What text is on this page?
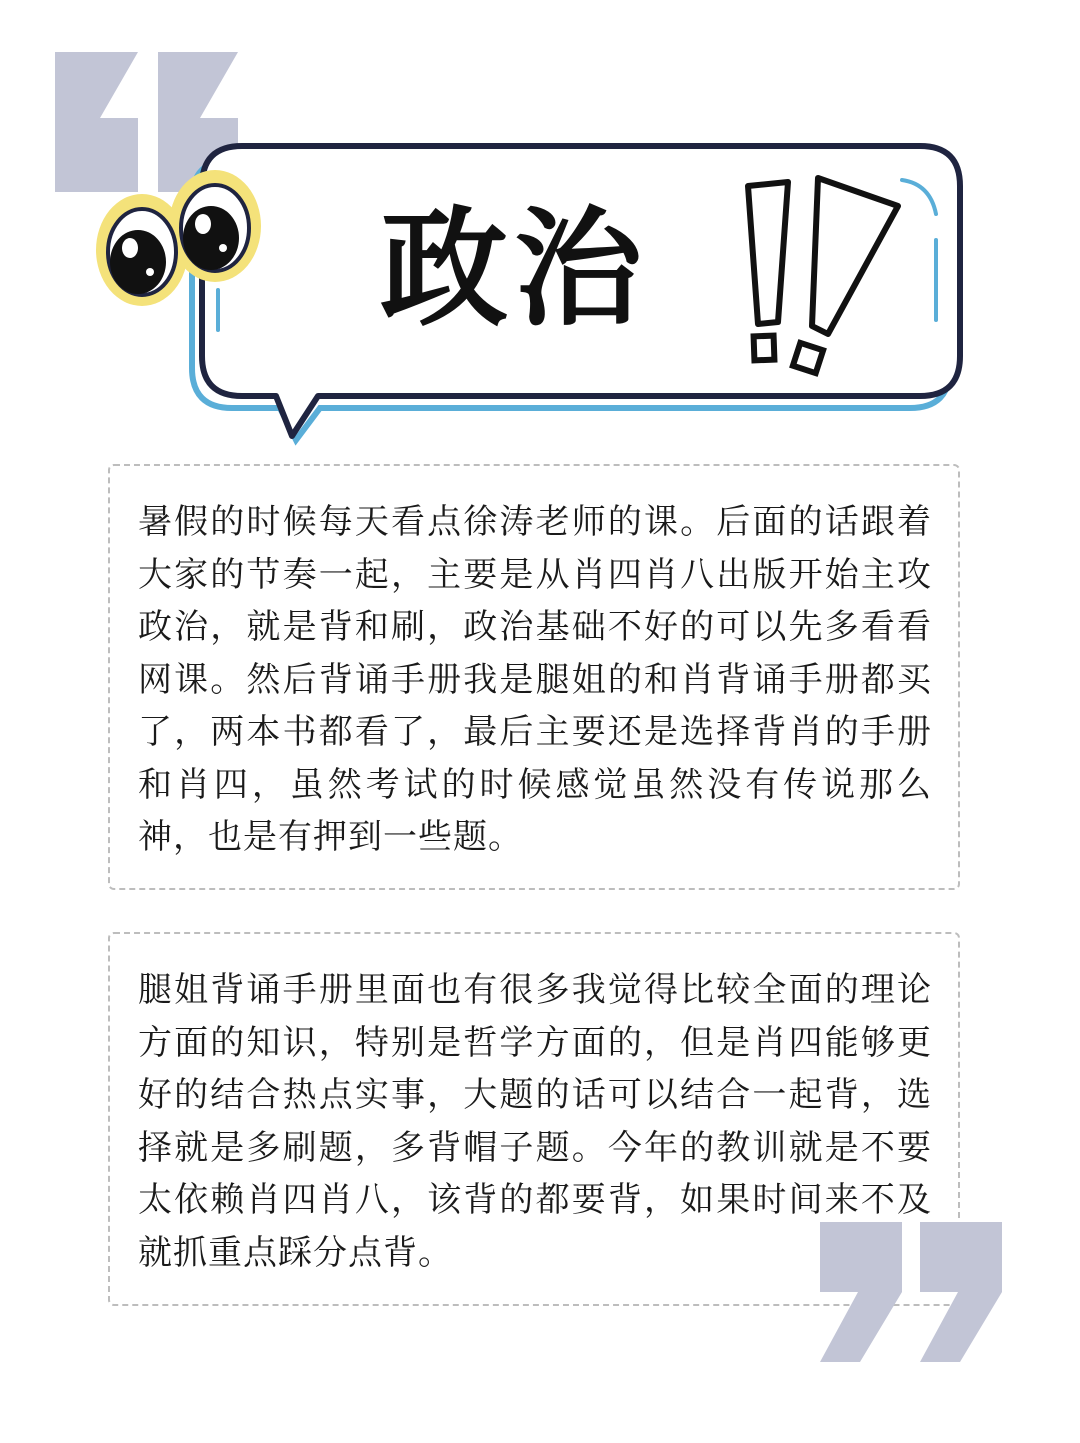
政治

暑假的时候每天看点徐涛老师的课。后面的话跟着大家的节奏一起，主要是从肖四肖八出版开始主攻政治，就是背和刷，政治基础不好的可以先多看看网课。然后背诵手册我是腿姐的和肖背诵手册都买了，两本书都看了，最后主要还是选择背肖的手册和肖四，虽然考试的时候感觉虽然没有传说那么神，也是有押到一些题。

腿姐背诵手册里面也有很多我觉得比较全面的理论方面的知识，特别是哲学方面的，但是肖四能够更好的结合热点实事，大题的话可以结合一起背，选择就是多刷题，多背帽子题。今年的教训就是不要太依赖肖四肖八，该背的都要背，如果时间来不及就抓重点踩分点背。
